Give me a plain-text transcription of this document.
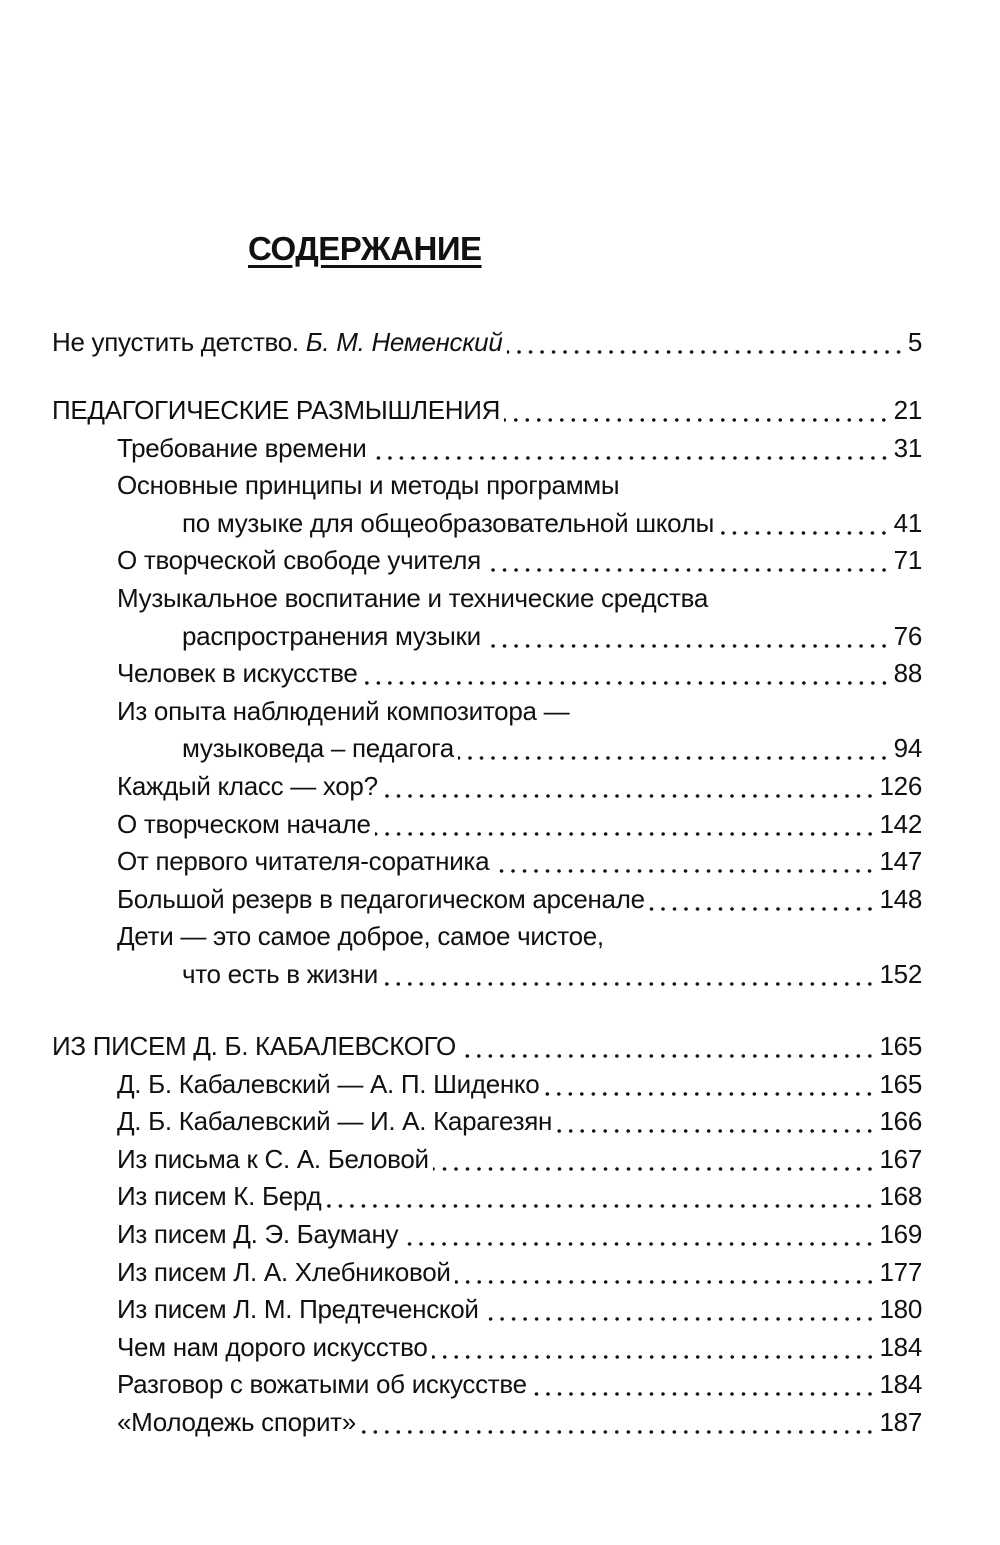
СОДЕРЖАНИЕ
Не упустить детство. Б. М. Неменский	5
ПЕДАГОГИЧЕСКИЕ РАЗМЫШЛЕНИЯ	21
Требование времени	31
Основные принципы и методы программы
по музыке для общеобразовательной школы	41
О творческой свободе учителя	71
Музыкальное воспитание и технические средства
распространения музыки	76
Человек в искусстве	88
Из опыта наблюдений композитора —
музыковеда – педагога	94
Каждый класс — хор?	126
О творческом начале	142
От первого читателя-соратника	147
Большой резерв в педагогическом арсенале	148
Дети — это самое доброе, самое чистое,
что есть в жизни	152
ИЗ ПИСЕМ Д. Б. КАБАЛЕВСКОГО	165
Д. Б. Кабалевский — А. П. Шиденко	165
Д. Б. Кабалевский — И. А. Карагезян	166
Из письма к С. А. Беловой	167
Из писем К. Берд	168
Из писем Д. Э. Бауману	169
Из писем Л. А. Хлебниковой	177
Из писем Л. М. Предтеченской	180
Чем нам дорого искусство	184
Разговор с вожатыми об искусстве	184
«Молодежь спорит»	187
